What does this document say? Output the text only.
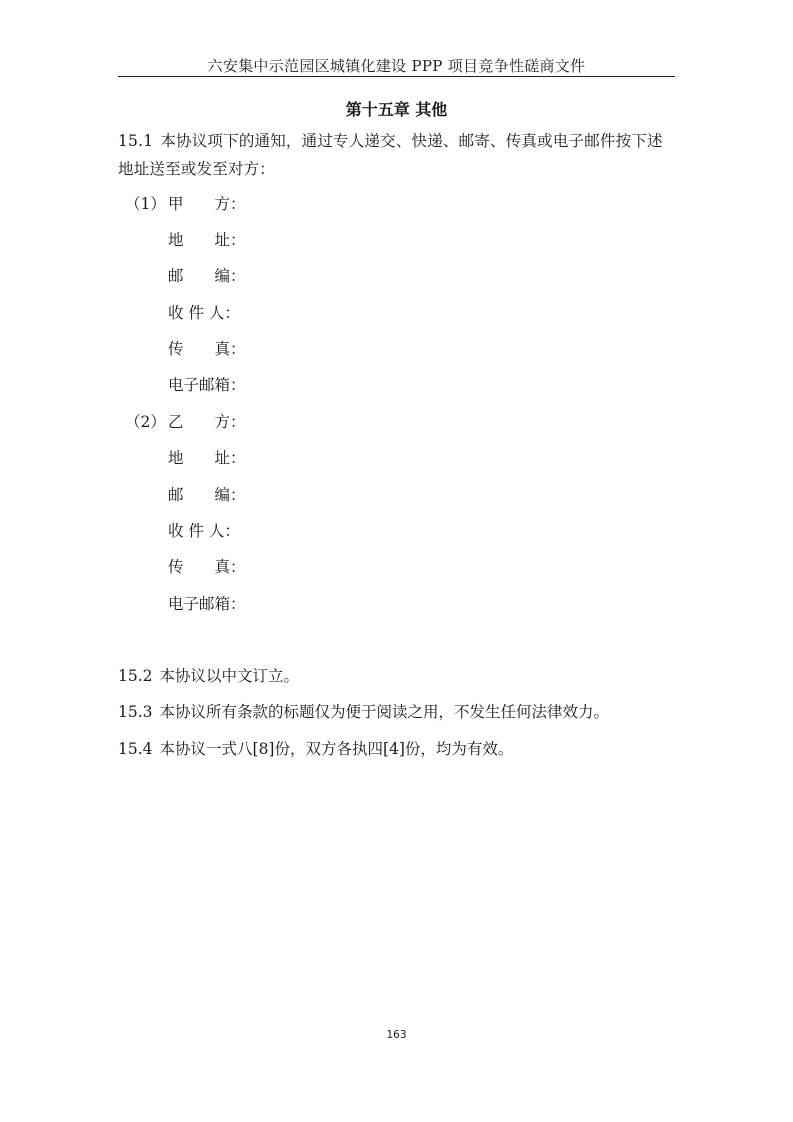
六安集中示范园区城镇化建设 PPP 项目竞争性磋商文件
第十五章 其他
15.1 本协议项下的通知，通过专人递交、快递、邮寄、传真或电子邮件按下述地址送至或发至对方：
（1） 甲　　方：
地　　址：
邮　　编：
收 件 人：
传　　真：
电子邮箱：
（2） 乙　　方：
地　　址：
邮　　编：
收 件 人：
传　　真：
电子邮箱：
15.2 本协议以中文订立。
15.3 本协议所有条款的标题仅为便于阅读之用，不发生任何法律效力。
15.4 本协议一式八[8]份，双方各执四[4]份，均为有效。
163
